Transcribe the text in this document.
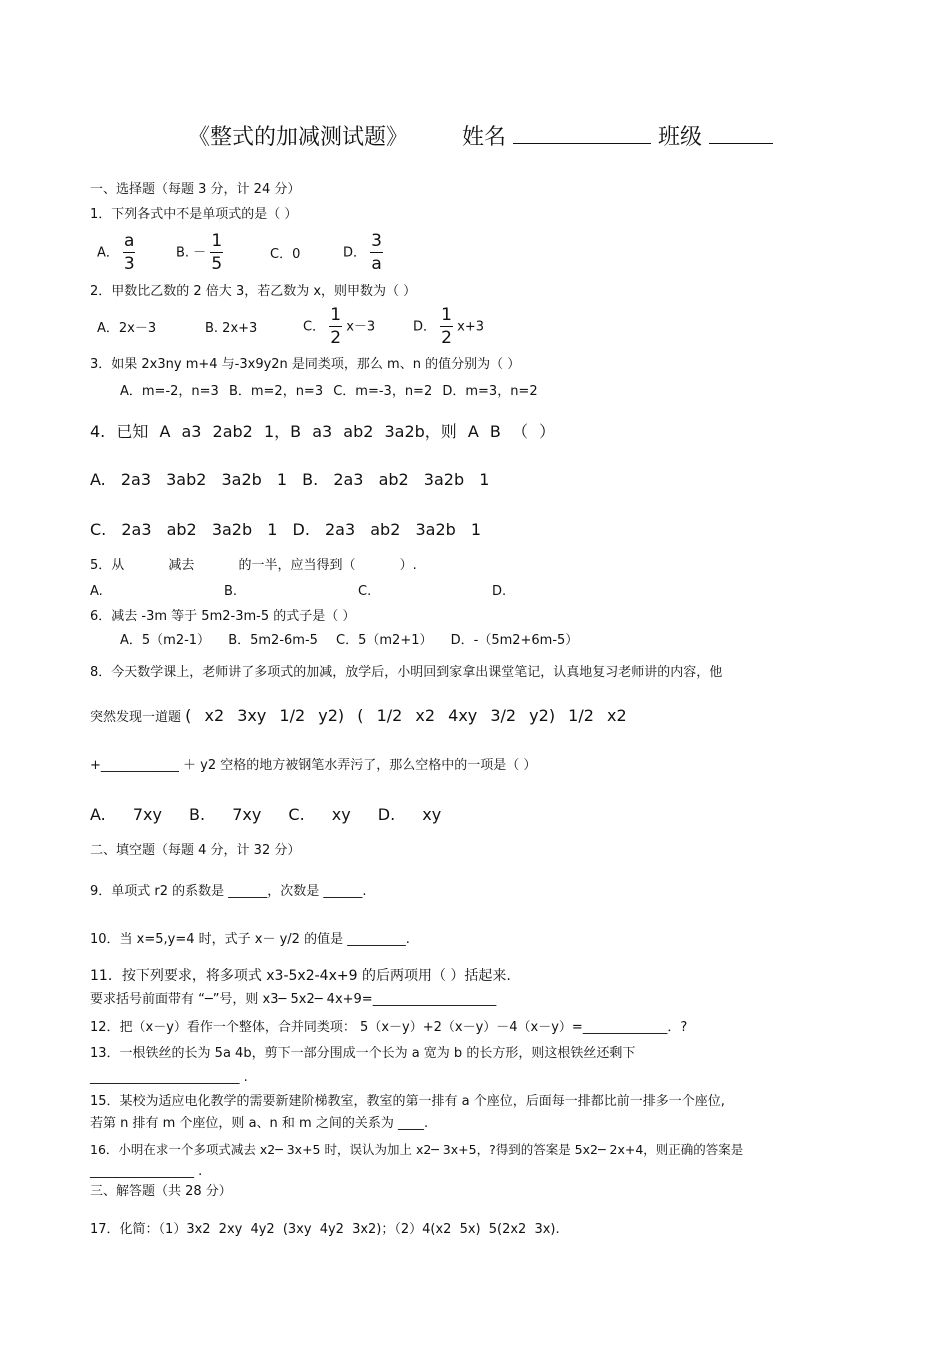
《整式的加减测试题》 姓名	班级
一、选择题（每题 3 分，计 24 分）
1．下列各式中不是单项式的是（ ）
A． $\frac{a}{3}$	B. － $\frac{1}{5}$	C．0	D． $\frac{3}{a}$
2．甲数比乙数的 2 倍大 3，若乙数为 x，则甲数为（ ）
A．2x－3	B. 2x+3	C． $\frac{1}{2} x-3$	D． $\frac{1}{2} x+3$
3．如果 2x3ny m+4 与-3x9y2n 是同类项，那么 m、n 的值分别为（ ）
A．m=-2，n=3 B．m=2，n=3 C．m=-3，n=2 D．m=3，n=2
4. 已知 A a3 2ab2 1，B a3 ab2 3a2b，则 A B （ ）
A. 2a3 3ab2 3a2b 1 B. 2a3 ab2 3a2b 1
C. 2a3 ab2 3a2b 1 D. 2a3 ab2 3a2b 1
5．从 减去 的一半，应当得到（ ）.
A.	B.	C.	D.
6．减去 -3m 等于 5m2-3m-5 的式子是（ ）
A．5（m2-1） B．5m2-6m-5 C．5（m2+1） D．-（5m2+6m-5）
8．今天数学课上，老师讲了多项式的加减，放学后，小明回到家拿出课堂笔记，认真地复习老师讲的内容，他
突然发现一道题 ( x2 3xy 1/2 y2) ( 1/2 x2 4xy 3/2 y2) 1/2 x2
+____________ ＋ y2 空格的地方被钢笔水弄污了，那么空格中的一项是（ ）
A. 7xy B. 7xy C. xy D. xy
二、填空题（每题 4 分，计 32 分）
9．单项式 r2 的系数是 ______，次数是 ______.
10．当 x=5,y=4 时，式子 x－ y/2 的值是 _________.
11．按下列要求，将多项式 x3-5x2-4x+9 的后两项用（ ）括起来.
要求括号前面带有 “─”号，则 x3─ 5x2─ 4x+9=___________________
12．把（x－y）看作一个整体，合并同类项： 5（x－y）+2（x－y）－4（x－y）=_____________．?
13．一根铁丝的长为 5a 4b，剪下一部分围成一个长为 a 宽为 b 的长方形，则这根铁丝还剩下
_______________________ .
15．某校为适应电化教学的需要新建阶梯教室，教室的第一排有 a 个座位，后面每一排都比前一排多一个座位,
若第 n 排有 m 个座位，则 a、n 和 m 之间的关系为 ____.
16．小明在求一个多项式减去 x2─ 3x+5 时，误认为加上 x2─ 3x+5，?得到的答案是 5x2─ 2x+4，则正确的答案是
________________ .
三、解答题（共 28 分）
17．化简：（1）3x2 2xy 4y2 (3xy 4y2 3x2)；（2）4(x2 5x) 5(2x2 3x).
